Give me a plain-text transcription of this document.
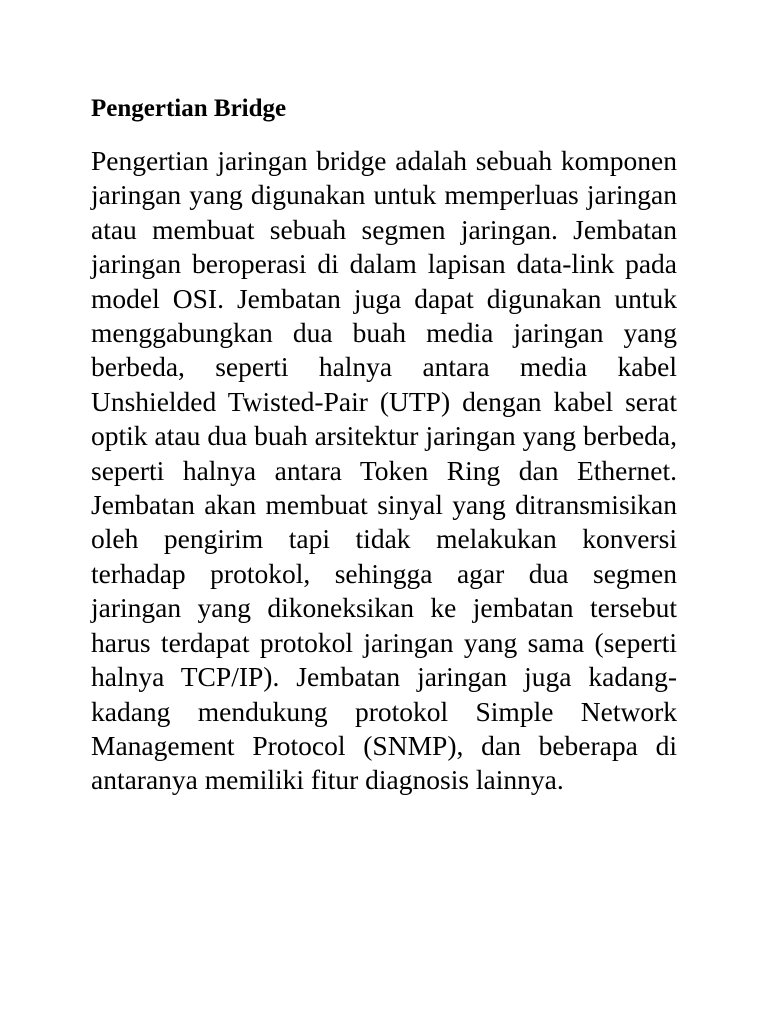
Pengertian Bridge

Pengertian jaringan bridge adalah sebuah komponen jaringan yang digunakan untuk memperluas jaringan atau membuat sebuah segmen jaringan. Jembatan jaringan beroperasi di dalam lapisan data-link pada model OSI. Jembatan juga dapat digunakan untuk menggabungkan dua buah media jaringan yang berbeda, seperti halnya antara media kabel Unshielded Twisted-Pair (UTP) dengan kabel serat optik atau dua buah arsitektur jaringan yang berbeda, seperti halnya antara Token Ring dan Ethernet. Jembatan akan membuat sinyal yang ditransmisikan oleh pengirim tapi tidak melakukan konversi terhadap protokol, sehingga agar dua segmen jaringan yang dikoneksikan ke jembatan tersebut harus terdapat protokol jaringan yang sama (seperti halnya TCP/IP). Jembatan jaringan juga kadang-kadang mendukung protokol Simple Network Management Protocol (SNMP), dan beberapa di antaranya memiliki fitur diagnosis lainnya.
